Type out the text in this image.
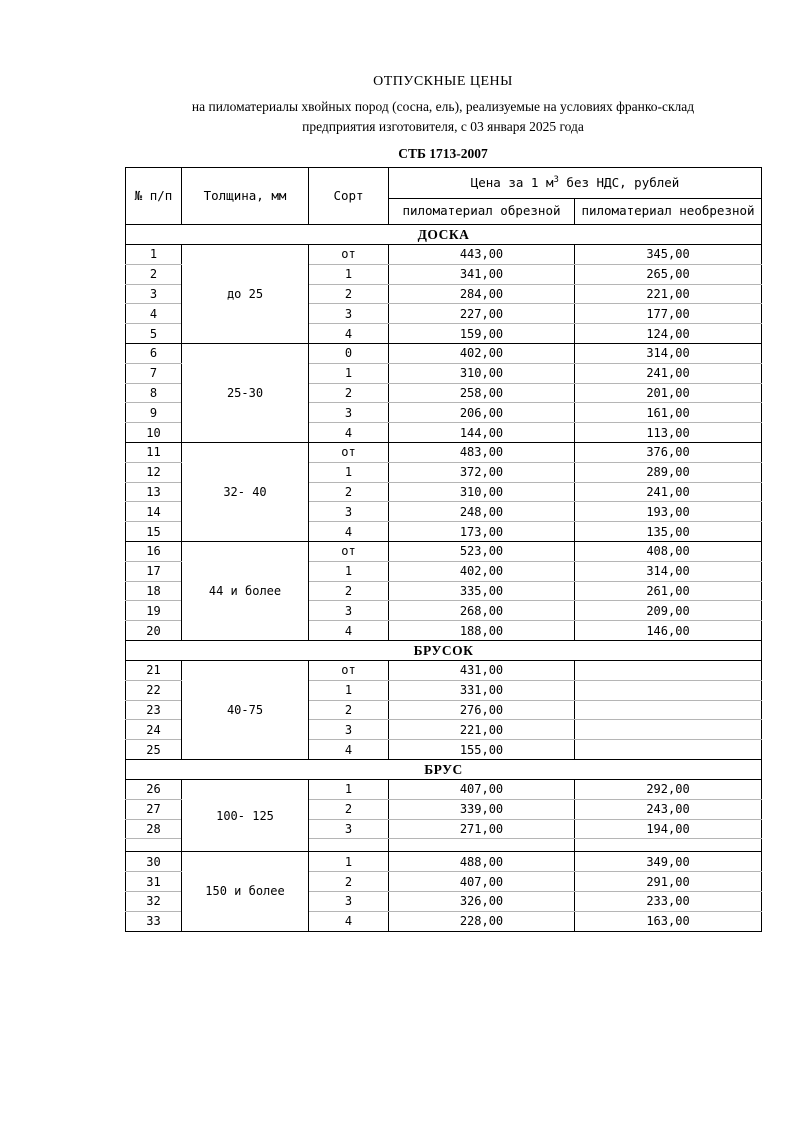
ОТПУСКНЫЕ ЦЕНЫ
на пиломатериалы хвойных пород (сосна, ель), реализуемые на условиях франко-склад
предприятия изготовителя, с 03 января 2025 года
СТБ 1713-2007
№ п/п	Толщина, мм	Сорт	Цена за 1 $м^3$ без НДС, рублей	
			пиломатериал обрезной	пиломатериал необрезной
ДОСКА				
1	до 25	от	443,00	345,00
2		1	341,00	265,00
3		2	284,00	221,00
4		3	227,00	177,00
5		4	159,00	124,00
6	25-30	0	402,00	314,00
7		1	310,00	241,00
8		2	258,00	201,00
9		3	206,00	161,00
10		4	144,00	113,00
11	32- 40	от	483,00	376,00
12		1	372,00	289,00
13		2	310,00	241,00
14		3	248,00	193,00
15		4	173,00	135,00
16	44 и более	от	523,00	408,00
17		1	402,00	314,00
18		2	335,00	261,00
19		3	268,00	209,00
20		4	188,00	146,00
БРУСОК				
21	40-75	от	431,00	
22		1	331,00	
23		2	276,00	
24		3	221,00	
25		4	155,00	
БРУС				
26	100- 125	1	407,00	292,00
27		2	339,00	243,00
28		3	271,00	194,00

30	150 и более	1	488,00	349,00
31		2	407,00	291,00
32		3	326,00	233,00
33		4	228,00	163,00
